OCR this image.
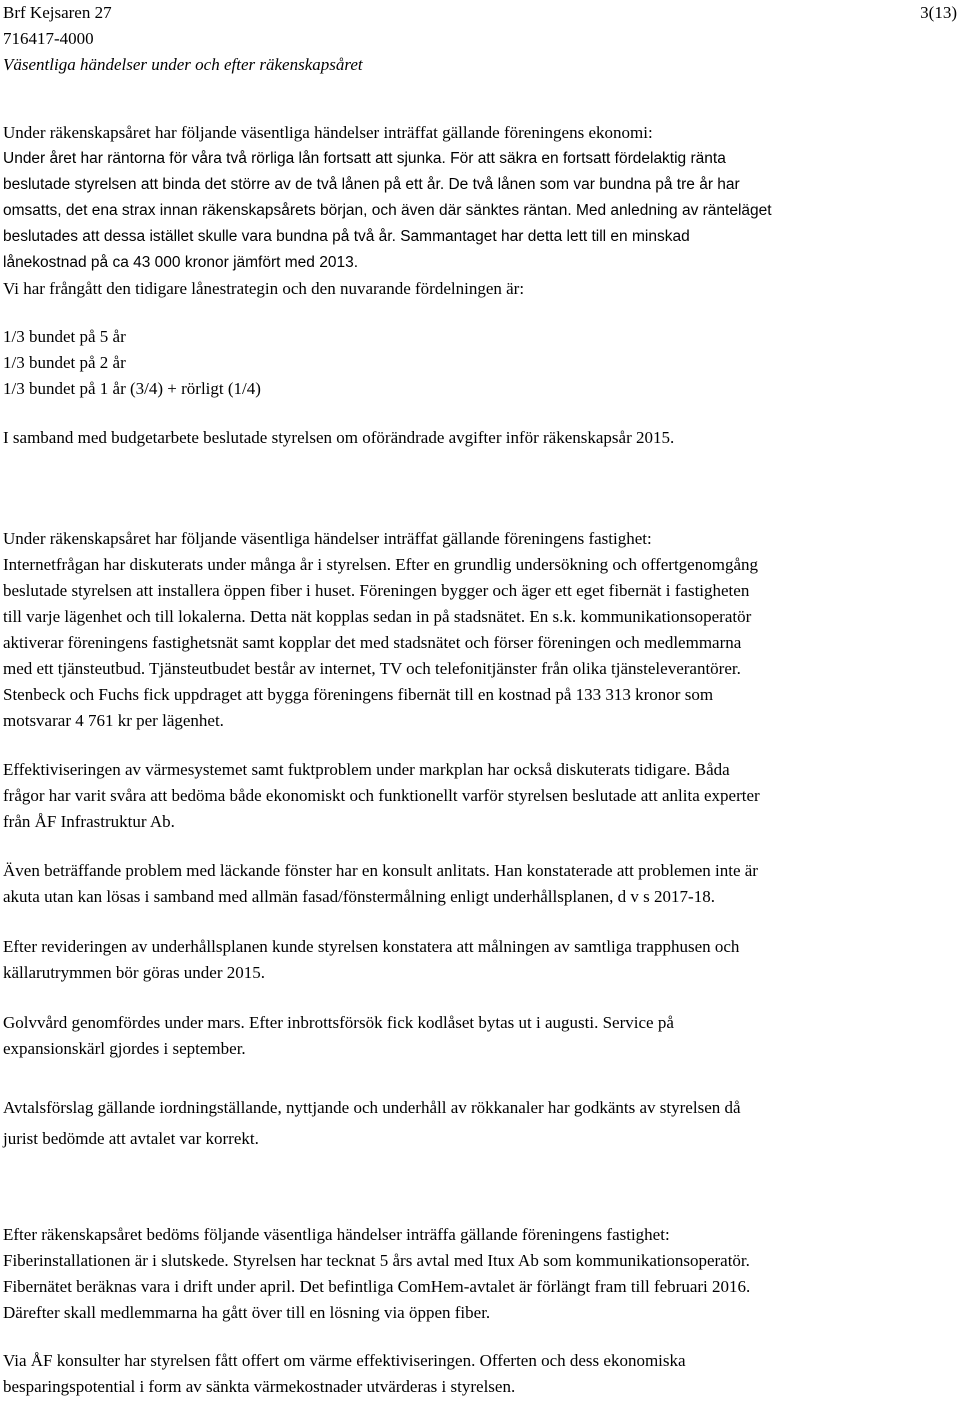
Brf Kejsaren 27
716417-4000
Väsentliga händelser under och efter räkenskapsåret
3(13)
Under räkenskapsåret har följande väsentliga händelser inträffat gällande föreningens ekonomi:
Under året har räntorna för våra två rörliga lån fortsatt att sjunka. För att säkra en fortsatt fördelaktig ränta
beslutade styrelsen att binda det större av de två lånen på ett år. De två lånen som var bundna på tre år har
omsatts, det ena strax innan räkenskapsårets början, och även där sänktes räntan. Med anledning av ränteläget
beslutades att dessa istället skulle vara bundna på två år. Sammantaget har detta lett till en minskad
lånekostnad på ca 43 000 kronor jämfört med 2013.
Vi har frångått den tidigare lånestrategin och den nuvarande fördelningen är:
1/3 bundet på 5 år
1/3 bundet på 2 år
1/3 bundet på 1 år (3/4) + rörligt (1/4)
I samband med budgetarbete beslutade styrelsen om oförändrade avgifter inför räkenskapsår 2015.
Under räkenskapsåret har följande väsentliga händelser inträffat gällande föreningens fastighet:
Internetfrågan har diskuterats under många år i styrelsen. Efter en grundlig undersökning och offertgenomgång
beslutade styrelsen att installera öppen fiber i huset. Föreningen bygger och äger ett eget fibernät i fastigheten
till varje lägenhet och till lokalerna. Detta nät kopplas sedan in på stadsnätet. En s.k. kommunikationsoperatör
aktiverar föreningens fastighetsnät samt kopplar det med stadsnätet och förser föreningen och medlemmarna
med ett tjänsteutbud. Tjänsteutbudet består av internet, TV och telefonitjänster från olika tjänsteleverantörer.
Stenbeck och Fuchs fick uppdraget att bygga föreningens fibernät till en kostnad på 133 313 kronor som
motsvarar 4 761 kr per lägenhet.
Effektiviseringen av värmesystemet samt fuktproblem under markplan har också diskuterats tidigare. Båda
frågor har varit svåra att bedöma både ekonomiskt och funktionellt varför styrelsen beslutade att anlita experter
från ÅF Infrastruktur Ab.
Även beträffande problem med läckande fönster har en konsult anlitats. Han konstaterade att problemen inte är
akuta utan kan lösas i samband med allmän fasad/fönstermålning enligt underhållsplanen, d v s 2017-18.
Efter revideringen av underhållsplanen kunde styrelsen konstatera att målningen av samtliga trapphusen och
källarutrymmen bör göras under 2015.
Golvvård genomfördes under mars. Efter inbrottsförsök fick kodlåset bytas ut i augusti. Service på
expansionskärl gjordes i september.
Avtalsförslag gällande iordningställande, nyttjande och underhåll av rökkanaler har godkänts av styrelsen då
jurist bedömde att avtalet var korrekt.
Efter räkenskapsåret bedöms följande väsentliga händelser inträffa gällande föreningens fastighet:
Fiberinstallationen är i slutskede. Styrelsen har tecknat 5 års avtal med Itux Ab som kommunikationsoperatör.
Fibernätet beräknas vara i drift under april. Det befintliga ComHem-avtalet är förlängt fram till februari 2016.
Därefter skall medlemmarna ha gått över till en lösning via öppen fiber.
Via ÅF konsulter har styrelsen fått offert om värme effektiviseringen. Offerten och dess ekonomiska
besparingspotential i form av sänkta värmekostnader utvärderas i styrelsen.
